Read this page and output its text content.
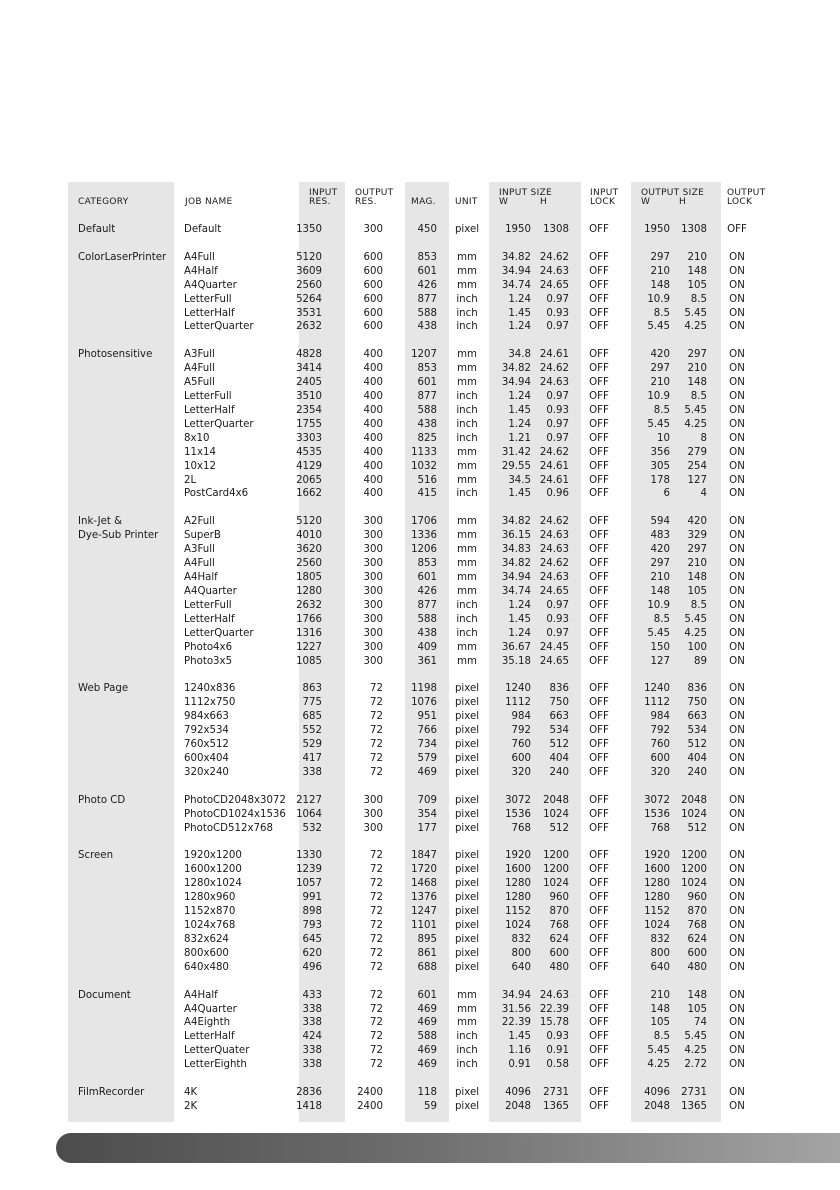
CATEGORY	JOB NAME
INPUT
RES.
OUTPUT
RES.	MAG. UNIT
INPUT SIZE
W	H
INPUT
LOCK
OUTPUT SIZE
W	H
OUTPUT
LOCK
Default	Default	1350	300	450	pixel	1950	1308	OFF	1950	1308	OFF
ColorLaserPrinter A4Full	5120	600	853	mm	34.82 24.62	OFF	297	210	ON
A4Half	3609	600	601	mm	34.94 24.63	OFF	210	148	ON
A4Quarter	2560	600	426	mm	34.74 24.65	OFF	148	105	ON
LetterFull	5264	600	877	inch	1.24	0.97	OFF	10.9	8.5	ON
LetterHalf	3531	600	588	inch	1.45	0.93	OFF	8.5	5.45	ON
LetterQuarter	2632	600	438	inch	1.24	0.97	OFF	5.45	4.25	ON
Photosensitive	A3Full	4828	400	1207	mm	34.8 24.61	OFF	420	297	ON
A4Full	3414	400	853	mm	34.82 24.62	OFF	297	210	ON
A5Full	2405	400	601	mm	34.94 24.63	OFF	210	148	ON
LetterFull	3510	400	877	inch	1.24	0.97	OFF	10.9	8.5	ON
LetterHalf	2354	400	588	inch	1.45	0.93	OFF	8.5	5.45	ON
LetterQuarter	1755	400	438	inch	1.24	0.97	OFF	5.45	4.25	ON
8x10	3303	400	825	inch	1.21	0.97	OFF	10	8	ON
11x14	4535	400	1133	mm	31.42 24.62	OFF	356	279	ON
10x12	4129	400	1032	mm	29.55 24.61	OFF	305	254	ON
2L	2065	400	516	mm	34.5 24.61	OFF	178	127	ON
PostCard4x6	1662	400	415	inch	1.45	0.96	OFF	6	4	ON
Ink-Jet &
Dye-Sub Printer
A2Full	5120	300	1706	mm	34.82 24.62	OFF	594	420	ON
SuperB	4010	300	1336	mm	36.15 24.63	OFF	483	329	ON
A3Full	3620	300	1206	mm	34.83 24.63	OFF	420	297	ON
A4Full	2560	300	853	mm	34.82 24.62	OFF	297	210	ON
A4Half	1805	300	601	mm	34.94 24.63	OFF	210	148	ON
A4Quarter	1280	300	426	mm	34.74 24.65	OFF	148	105	ON
LetterFull	2632	300	877	inch	1.24	0.97	OFF	10.9	8.5	ON
LetterHalf	1766	300	588	inch	1.45	0.93	OFF	8.5	5.45	ON
LetterQuarter	1316	300	438	inch	1.24	0.97	OFF	5.45	4.25	ON
Photo4x6	1227	300	409	mm	36.67 24.45	OFF	150	100	ON
Photo3x5	1085	300	361	mm	35.18 24.65	OFF	127	89	ON
Web Page	1240x836	863	72	1198	pixel	1240	836	OFF	1240	836	ON
1112x750	775	72	1076	pixel	1112	750	OFF	1112	750	ON
984x663	685	72	951	pixel	984	663	OFF	984	663	ON
792x534	552	72	766	pixel	792	534	OFF	792	534	ON
760x512	529	72	734	pixel	760	512	OFF	760	512	ON
600x404	417	72	579	pixel	600	404	OFF	600	404	ON
320x240	338	72	469	pixel	320	240	OFF	320	240	ON
Photo CD	PhotoCD2048x3072 2127	300	709	pixel	3072	2048	OFF	3072	2048	ON
PhotoCD1024x1536 1064	300	354	pixel	1536	1024	OFF	1536	1024	ON
PhotoCD512x768	532	300	177	pixel	768	512	OFF	768	512	ON
Screen	1920x1200	1330	72	1847	pixel	1920	1200	OFF	1920	1200	ON
1600x1200	1239	72	1720	pixel	1600	1200	OFF	1600	1200	ON
1280x1024	1057	72	1468	pixel	1280	1024	OFF	1280	1024	ON
1280x960	991	72	1376	pixel	1280	960	OFF	1280	960	ON
1152x870	898	72	1247	pixel	1152	870	OFF	1152	870	ON
1024x768	793	72	1101	pixel	1024	768	OFF	1024	768	ON
832x624	645	72	895	pixel	832	624	OFF	832	624	ON
800x600	620	72	861	pixel	800	600	OFF	800	600	ON
640x480	496	72	688	pixel	640	480	OFF	640	480	ON
Document	A4Half	433	72	601	mm	34.94 24.63	OFF	210	148	ON
A4Quarter	338	72	469	mm	31.56 22.39	OFF	148	105	ON
A4Eighth	338	72	469	mm	22.39 15.78	OFF	105	74	ON
LetterHalf	424	72	588	inch	1.45	0.93	OFF	8.5	5.45	ON
LetterQuater	338	72	469	inch	1.16	0.91	OFF	5.45	4.25	ON
LetterEighth	338	72	469	inch	0.91	0.58	OFF	4.25	2.72	ON
FilmRecorder	4K	2836	2400	118	pixel	4096	2731	OFF	4096	2731	ON
2K	1418	2400	59	pixel	2048	1365	OFF	2048	1365	ON
